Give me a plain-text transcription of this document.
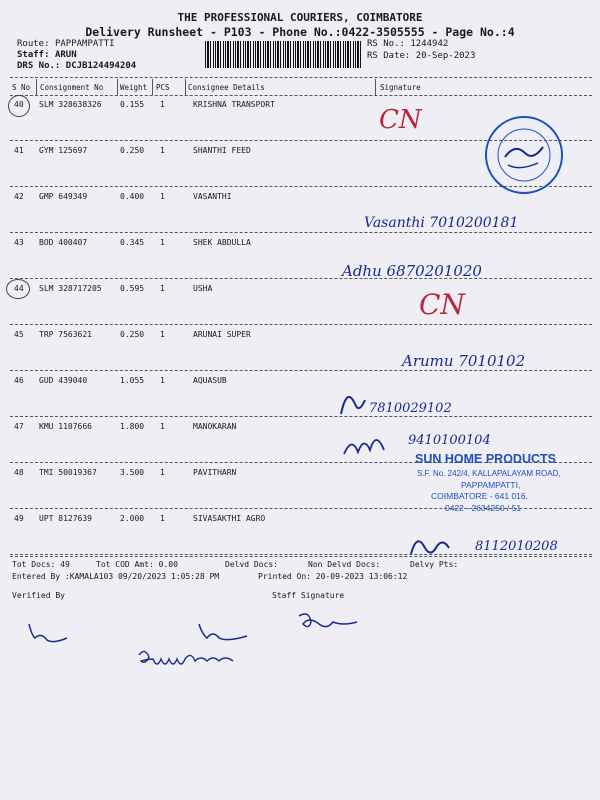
THE PROFESSIONAL COURIERS, COIMBATORE
Delivery Runsheet - P103 - Phone No.:0422-3505555 - Page No.:4
Route: PAPPAMPATTI
Staff: ARUN
DRS No.: DCJB124494204
RS No.: 1244942
RS Date: 20-Sep-2023
S No Consignment No Weight PCS Consignee Details	Signature
40 SLM 328638326 0.155 1	KRISHNA TRANSPORT
41 GYM 125697	0.250 1	SHANTHI FEED
42 GMP 649349	0.400 1	VASANTHI
43 BOD 400407	0.345 1	SHEK ABDULLA
44 SLM 328717205 0.595 1	USHA
45 TRP 7563621	0.250 1	ARUNAI SUPER
46 GUD 439040	1.055 1	AQUASUB
47 KMU 1107666	1.800 1	MANOKARAN
48 TMI 50019367	3.500 1	PAVITHARN
49 UPT 8127639	2.000 1	SIVASAKTHI AGRO
CN
Vasanthi 7010200181
Adhu 6870201020
CN
Arumu 7010102
7810029102
9410100104
SUN HOME PRODUCTS
S.F. No. 242/4, KALLAPALAYAM ROAD,
PAPPAMPATTI,
COIMBATORE - 641 016.
0422 - 2634250 / 51
8112010208
Tot Docs: 49	Tot COD Amt: 0.00	Delvd Docs:	Non Delvd Docs:	Delvy Pts:
Entered By :KAMALA103 09/20/2023 1:05:28 PM	Printed On: 20-09-2023 13:06:12
Verified By	Staff Signature
